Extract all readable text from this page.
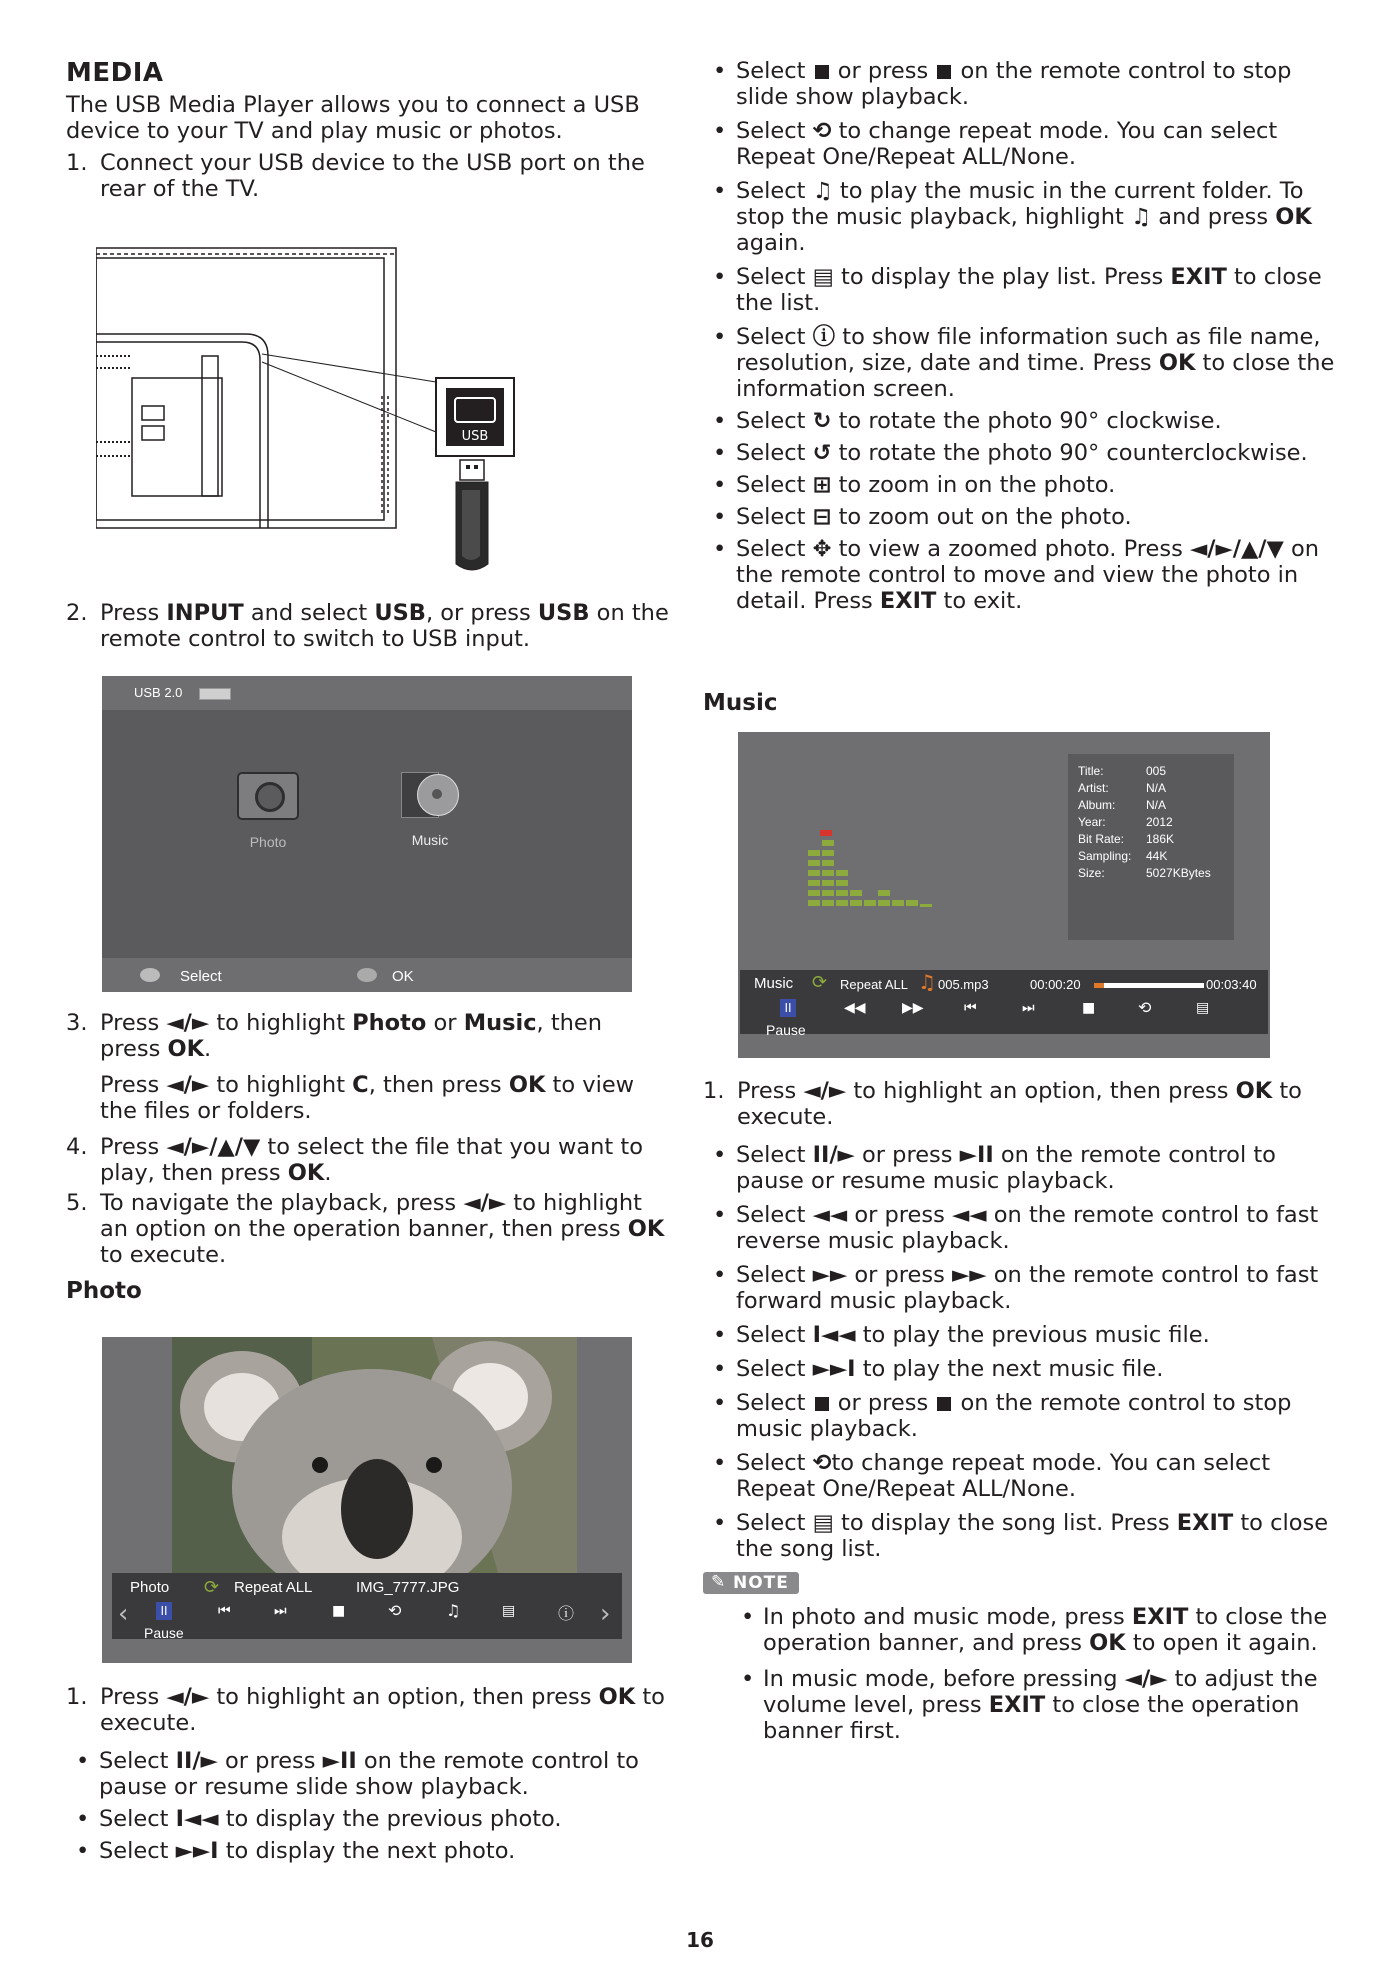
MEDIA

The USB Media Player allows you to connect a USB device to your TV and play music or photos.

1. Connect your USB device to the USB port on the rear of the TV.

USB

2. Press INPUT and select USB, or press USB on the remote control to switch to USB input.

USB 2.0
Photo	Music
Select	OK

3. Press ◄/► to highlight Photo or Music, then press OK.

Press ◄/► to highlight C, then press OK to view the files or folders.

4. Press ◄/►/▲/▼ to select the file that you want to play, then press OK.

5. To navigate the playback, press ◄/► to highlight an option on the operation banner, then press OK to execute.

Photo
Photo ⟳ Repeat ALL	IMG_7777.JPG
II
Pause
⏮	⏭	■	⟲	♫	▤	ⓘ
‹	›

1. Press ◄/► to highlight an option, then press OK to execute.

• Select II/► or press ►II on the remote control to pause or resume slide show playback.

• Select I◄◄ to display the previous photo.

• Select ►►I to display the next photo.

• Select  or press  on the remote control to stop slide show playback.

• Select ⟲ to change repeat mode. You can select Repeat One/Repeat ALL/None.

• Select ♫ to play the music in the current folder. To stop the music playback, highlight ♫ and press OK again.

• Select ▤ to display the play list. Press EXIT to close the list.

• Select ⓘ to show file information such as file name, resolution, size, date and time. Press OK to close the information screen.

• Select ↻ to rotate the photo 90° clockwise.

• Select ↺ to rotate the photo 90° counterclockwise.

• Select ⊞ to zoom in on the photo.

• Select ⊟ to zoom out on the photo.

• Select ✥ to view a zoomed photo. Press ◄/►/▲/▼ on the remote control to move and view the photo in detail. Press EXIT to exit.

Music
Title:	005
Artist:	N/A
Album:	N/A
Year:	2012
Bit Rate: 186K
Sampling: 44K
Size:	5027KBytes
Music ⟳ Repeat ALL ♫ 005.mp3	00:00:20	00:03:40
II
Pause
◀◀	▶▶	⏮	⏭	■	⟲	▤

1. Press ◄/► to highlight an option, then press OK to execute.

• Select II/► or press ►II on the remote control to pause or resume music playback.

• Select ◄◄ or press ◄◄ on the remote control to fast reverse music playback.

• Select ►► or press ►► on the remote control to fast forward music playback.

• Select I◄◄ to play the previous music file.

• Select ►►I to play the next music file.

• Select  or press  on the remote control to stop music playback.

• Select ⟲to change repeat mode. You can select Repeat One/Repeat ALL/None.

• Select ▤ to display the song list. Press EXIT to close the song list.

✎ NOTE

• In photo and music mode, press EXIT to close the operation banner, and press OK to open it again.

• In music mode, before pressing ◄/► to adjust the volume level, press EXIT to close the operation banner first.

16
